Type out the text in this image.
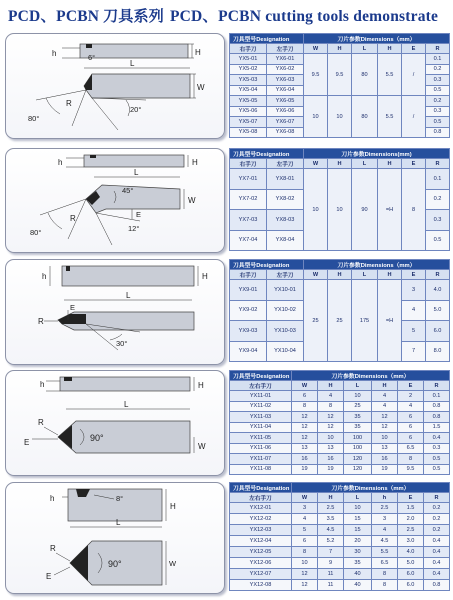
PCD、PCBN 刀具系列 PCD、PCBN cutting tools demonstrate
h	H
W
L
6°
80°
R
20°
刀具型号Designation		刀片参数Dimensions（mm）					
右手刀	左手刀	W	H	L	H	E	R
YX5-01	YX6-01	9.5	9.5	80	5.5	/	0.1
YX5-02	YX6-02						0.2
YX5-03	YX6-03						0.3
YX5-04	YX6-04						0.5
YX5-05	YX6-05	10	10	80	5.5	/	0.2
YX5-06	YX6-06						0.3
YX5-07	YX6-07						0.5
YX5-08	YX6-08						0.8
h	H
L
W
45°
E
80°
R
12°
刀具型号Designation		刀片参数Dimensions(mm)					
右手刀	左手刀	W	H	L	H	E	R
YX7-01	YX8-01	10	10	90	=H	8	0.1
YX7-02	YX8-02						0.2
YX7-03	YX8-03						0.3
YX7-04	YX8-04						0.5
h	H
L
E
R
30°
刀具型号Designation		刀片参数Dimensions（mm）					
右手刀	左手刀	W	H	L	H	E	R
YX9-01	YX10-01	25	25	175	=H	3	4.0
YX9-02	YX10-02					4	5.0
YX9-03	YX10-03					5	6.0
YX9-04	YX10-04					7	8.0
h	H
L
W
R
E	90°
刀具型号Designation	刀片参数Dimensions（mm）					
左右手刀	W	H	L	H	E	R
YX11-01	6	4	10	4	2	0.1
YX11-02	8	8	25	4	4	0.8
YX11-03	12	12	35	12	6	0.8
YX11-04	12	12	35	12	6	1.5
YX11-05	12	10	100	10	6	0.4
YX11-06	13	13	100	13	6.5	0.3
YX11-07	16	16	120	16	8	0.5
YX11-08	19	19	120	19	9.5	0.5
h
H
8°
L
W
R
E
90°
刀具型号Designation	刀片参数Dimensions（mm）					
左右手刀	W	H	L	h	E	R
YX12-01	3	2.5	10	2.5	1.5	0.2
YX12-02	4	3.5	15	3	2.0	0.2
YX12-03	5	4.5	15	4	2.5	0.2
YX12-04	6	5.2	20	4.5	3.0	0.4
YX12-05	8	7	30	5.5	4.0	0.4
YX12-06	10	9	35	6.5	5.0	0.4
YX12-07	12	11	40	8	6.0	0.4
YX12-08	12	11	40	8	6.0	0.8
